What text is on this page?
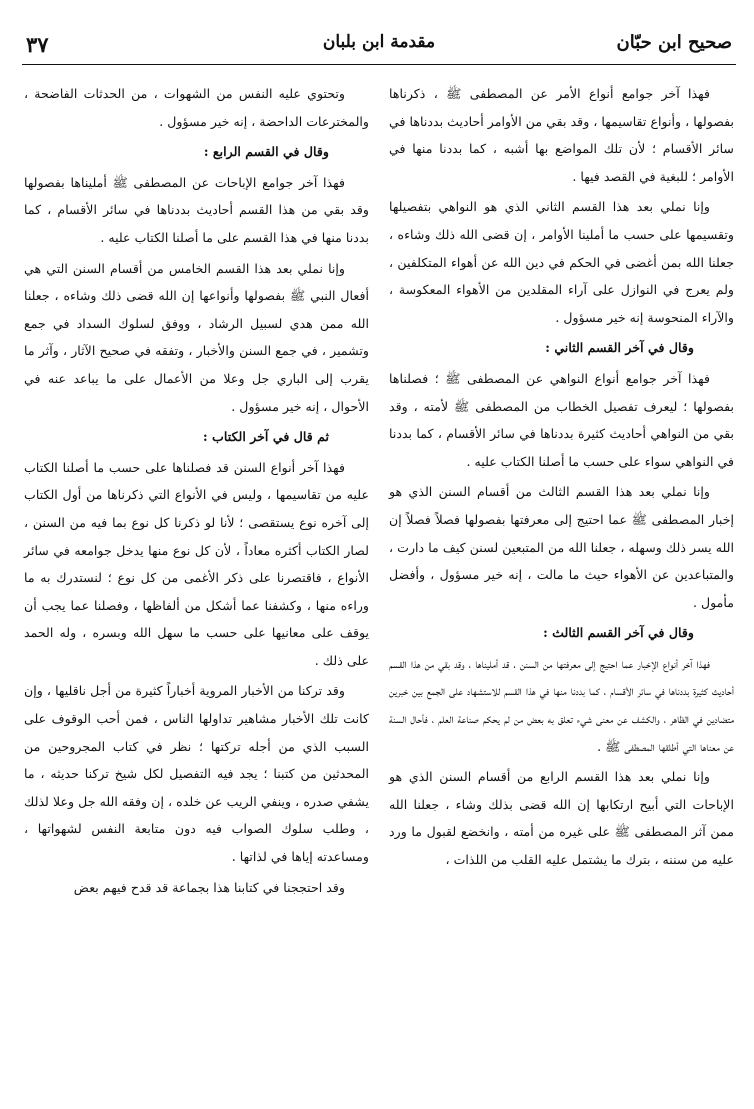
صحيح ابن حبّان
مقدمة ابن بلبان
٣٧

فهذا آخر جوامع أنواع الأمر عن المصطفى ﷺ ، ذكرناها بفصولها ، وأنواع تقاسيمها ، وقد بقي من الأوامر أحاديث بددناها في سائر الأقسام ؛ لأن تلك المواضع بها أشبه ، كما بددنا منها في الأوامر ؛ للبغية في القصد فيها .

وإنا نملي بعد هذا القسم الثاني الذي هو النواهي بتفصيلها وتقسيمها على حسب ما أملينا الأوامر ، إن قضى الله ذلك وشاءه ، جعلنا الله بمن أغضى في الحكم في دين الله عن أهواء المتكلفين ، ولم يعرج في النوازل على آراء المقلدين من الأهواء المعكوسة ، والآراء المنحوسة إنه خير مسؤول .

وقال في آخر القسم الثاني :

فهذا آخر جوامع أنواع النواهي عن المصطفى ﷺ ؛ فصلناها بفصولها ؛ ليعرف تفصيل الخطاب من المصطفى ﷺ لأمته ، وقد بقي من النواهي أحاديث كثيرة بددناها في سائر الأقسام ، كما بددنا في النواهي سواء على حسب ما أصلنا الكتاب عليه .

وإنا نملي بعد هذا القسم الثالث من أقسام السنن الذي هو إخبار المصطفى ﷺ عما احتيج إلى معرفتها بفصولها فصلاً فصلاً إن الله يسر ذلك وسهله ، جعلنا الله من المتبعين لسنن كيف ما دارت ، والمتباعدين عن الأهواء حيث ما مالت ، إنه خير مسؤول ، وأفضل مأمول .

وقال في آخر القسم الثالث :

فهذا آخر أنواع الإخبار عما احتيج إلى معرفتها من السنن ، قد أمليناها ، وقد بقي من هذا القسم أحاديث كثيرة بددناها في سائر الأقسام ، كما بددنا منها في هذا القسم للاستشهاد على الجمع بين خبرين متضادين في الظاهر ، والكشف عن معنى شيء تعلق به بعض من لم يحكم صناعة العلم ، فأحال السنة عن معناها التي أطلقها المصطفى ﷺ .

وإنا نملي بعد هذا القسم الرابع من أقسام السنن الذي هو الإباحات التي أبيح ارتكابها إن الله قضى بذلك وشاء ، جعلنا الله ممن آثر المصطفى ﷺ على غيره من أمته ، وانخضع لقبول ما ورد عليه من سننه ، بترك ما يشتمل عليه القلب من اللذات ،

وتحتوي عليه النفس من الشهوات ، من الحدثات الفاضحة ، والمخترعات الداحضة ، إنه خير مسؤول .

وقال في القسم الرابع :

فهذا آخر جوامع الإباحات عن المصطفى ﷺ أمليناها بفصولها وقد بقي من هذا القسم أحاديث بددناها في سائر الأقسام ، كما بددنا منها في هذا القسم على ما أصلنا الكتاب عليه .

وإنا نملي بعد هذا القسم الخامس من أقسام السنن التي هي أفعال النبي ﷺ بفصولها وأنواعها إن الله قضى ذلك وشاءه ، جعلنا الله ممن هدي لسبيل الرشاد ، ووفق لسلوك السداد في جمع وتشمير ، في جمع السنن والأخبار ، وتفقه في صحيح الآثار ، وآثر ما يقرب إلى الباري جل وعلا من الأعمال على ما يباعد عنه في الأحوال ، إنه خير مسؤول .

ثم قال في آخر الكتاب :

فهذا آخر أنواع السنن قد فصلناها على حسب ما أصلنا الكتاب عليه من تقاسيمها ، وليس في الأنواع التي ذكرناها من أول الكتاب إلى آخره نوع يستقصى ؛ لأنا لو ذكرنا كل نوع بما فيه من السنن ، لصار الكتاب أكثره معاداً ، لأن كل نوع منها يدخل جوامعه في سائر الأنواع ، فاقتصرنا على ذكر الأغمى من كل نوع ؛ لنستدرك به ما وراءه منها ، وكشفنا عما أشكل من ألفاظها ، وفصلنا عما يجب أن يوقف على معانيها على حسب ما سهل الله وبسره ، وله الحمد على ذلك .

وقد تركنا من الأخبار المروية أخباراً كثيرة من أجل ناقليها ، وإن كانت تلك الأخبار مشاهير تداولها الناس ، فمن أحب الوقوف على السبب الذي من أجله تركتها ؛ نظر في كتاب المجروحين من المحدثين من كتبنا ؛ يجد فيه التفصيل لكل شيخ تركنا حديثه ، ما يشفي صدره ، وينفي الريب عن خلده ، إن وفقه الله جل وعلا لذلك ، وطلب سلوك الصواب فيه دون متابعة النفس لشهواتها ، ومساعدته إياها في لذاتها .

وقد احتججنا في كتابنا هذا بجماعة قد قدح فيهم بعض
